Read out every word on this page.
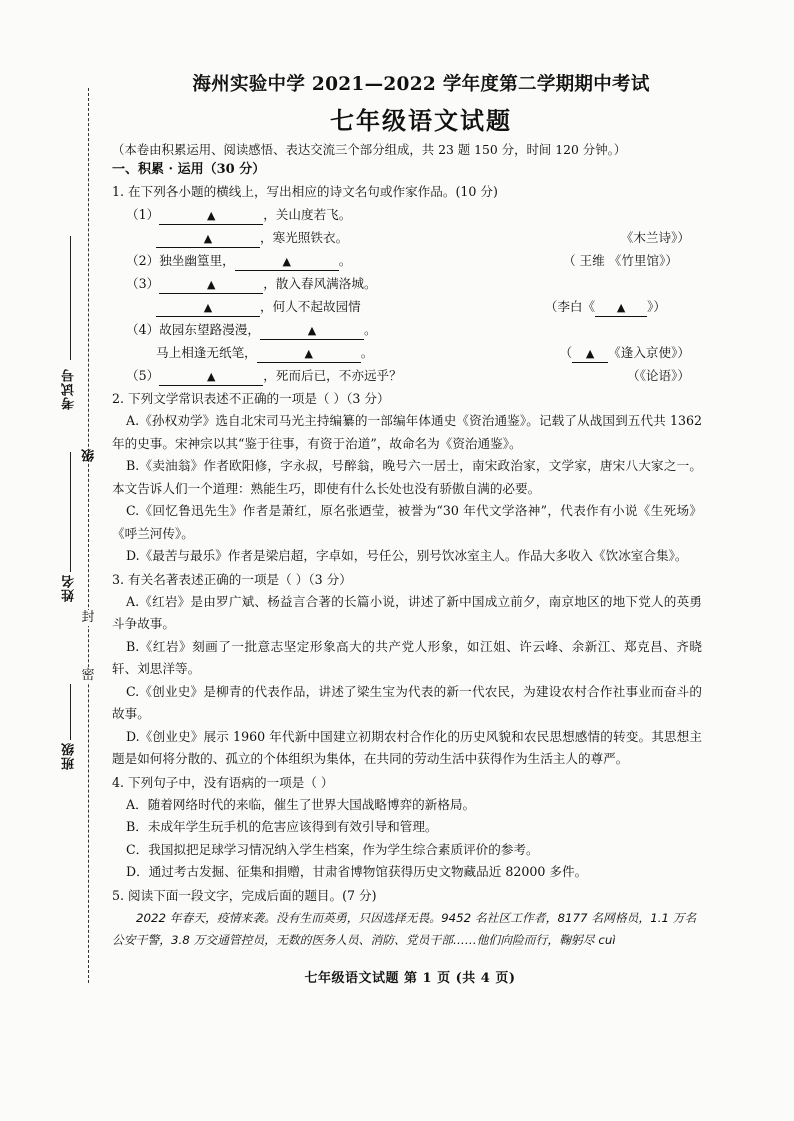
封
密
考试号
级
姓名
班级
海州实验中学 2021—2022 学年度第二学期期中考试
七年级语文试题
（本卷由积累运用、阅读感悟、表达交流三个部分组成，共 23 题 150 分，时间 120 分钟。）
一、积累 · 运用（30 分）
1. 在下列各小题的横线上，写出相应的诗文名句或作家作品。(10 分)
（1）	▲	，关山度若飞。
▲	，寒光照铁衣。	《木兰诗》）
（2）独坐幽篁里，	▲	。	（ 王维 《竹里馆》）
（3）	▲	，散入春风满洛城。
▲	，何人不起故园情	（李白《 ▲ 》）
（4）故园东望路漫漫，	▲	。
马上相逢无纸笔，	▲	。	（ ▲ 《逢入京使》）
（5）	▲	，死而后已，不亦远乎？	（《论语》）
2. 下列文学常识表述不正确的一项是（ ）（3 分）
A.《孙权劝学》选自北宋司马光主持编纂的一部编年体通史《资治通鉴》。记载了从战国到五代共 1362 年的史事。宋神宗以其“鉴于往事，有资于治道”，故命名为《资治通鉴》。
B.《卖油翁》作者欧阳修，字永叔，号醉翁，晚号六一居士，南宋政治家，文学家，唐宋八大家之一。本文告诉人们一个道理：熟能生巧，即使有什么长处也没有骄傲自满的必要。
C.《回忆鲁迅先生》作者是萧红，原名张迺莹，被誉为“30 年代文学洛神”，代表作有小说《生死场》《呼兰河传》。
D.《最苦与最乐》作者是梁启超，字卓如，号任公，别号饮冰室主人。作品大多收入《饮冰室合集》。
3. 有关名著表述正确的一项是（ ）（3 分）
A.《红岩》是由罗广斌、杨益言合著的长篇小说，讲述了新中国成立前夕，南京地区的地下党人的英勇斗争故事。
B.《红岩》刻画了一批意志坚定形象高大的共产党人形象，如江姐、许云峰、余新江、郑克昌、齐晓轩、刘思洋等。
C.《创业史》是柳青的代表作品，讲述了梁生宝为代表的新一代农民，为建设农村合作社事业而奋斗的故事。
D.《创业史》展示 1960 年代新中国建立初期农村合作化的历史风貌和农民思想感情的转变。其思想主题是如何将分散的、孤立的个体组织为集体，在共同的劳动生活中获得作为生活主人的尊严。
4. 下列句子中，没有语病的一项是（ ）
A．随着网络时代的来临，催生了世界大国战略博弈的新格局。
B．未成年学生玩手机的危害应该得到有效引导和管理。
C．我国拟把足球学习情况纳入学生档案，作为学生综合素质评价的参考。
D．通过考古发掘、征集和捐赠，甘肃省博物馆获得历史文物藏品近 82000 多件。
5. 阅读下面一段文字，完成后面的题目。(7 分)
2022 年春天，疫情来袭。没有生而英勇，只因选择无畏。9452 名社区工作者，8177 名网格员，1.1 万名公安干警，3.8 万交通管控员，无数的医务人员、消防、党员干部……他们向险而行，鞠躬尽 cuì
七年级语文试题 第 1 页 (共 4 页)
